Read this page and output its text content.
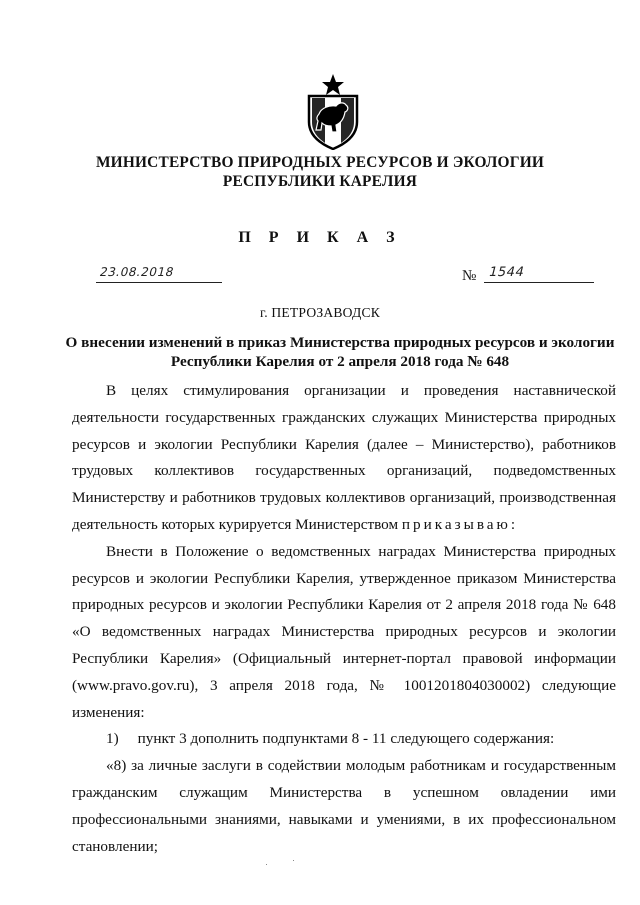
МИНИСТЕРСТВО ПРИРОДНЫХ РЕСУРСОВ И ЭКОЛОГИИ
РЕСПУБЛИКИ КАРЕЛИЯ
П Р И К А З
23.08.2018	№ 1544
г. ПЕТРОЗАВОДСК
О внесении изменений в приказ Министерства природных ресурсов и экологии
Республики Карелия от 2 апреля 2018 года № 648

В целях стимулирования организации и проведения наставнической деятельности государственных гражданских служащих Министерства природных ресурсов и экологии Республики Карелия (далее – Министерство), работников трудовых коллективов государственных организаций, подведомственных Министерству и работников трудовых коллективов организаций, производственная деятельность которых курируется Министерством приказываю:

Внести в Положение о ведомственных наградах Министерства природных ресурсов и экологии Республики Карелия, утвержденное приказом Министерства природных ресурсов и экологии Республики Карелия от 2 апреля 2018 года № 648 «О ведомственных наградах Министерства природных ресурсов и экологии Республики Карелия» (Официальный интернет-портал правовой информации (www.pravo.gov.ru), 3 апреля 2018 года, № 1001201804030002) следующие изменения:

1)     пункт 3 дополнить подпунктами 8 - 11 следующего содержания:

«8) за личные заслуги в содействии молодым работникам и государственным гражданским служащим Министерства в успешном овладении ими профессиональными знаниями, навыками и умениями, в их профессиональном становлении;
